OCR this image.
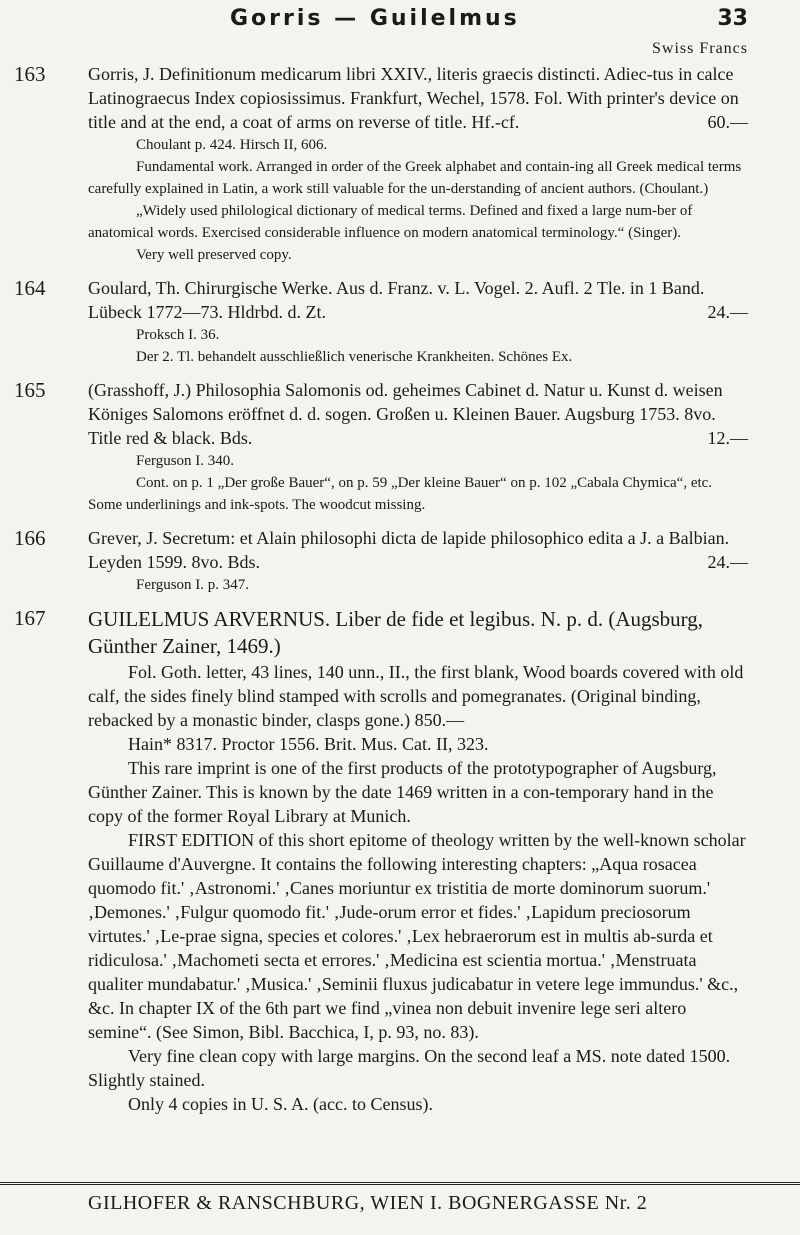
Gorris — Guilelmus	33
Swiss Francs
163 Gorris, J. Definitionum medicarum libri XXIV., literis graecis distincti. Adiec-tus in calce Latinograecus Index copiosissimus. Frankfurt, Wechel, 1578. Fol. With printer's device on title and at the end, a coat of arms on reverse of title. Hf.-cf.	60.—

Choulant p. 424. Hirsch II, 606.

Fundamental work. Arranged in order of the Greek alphabet and contain-ing all Greek medical terms carefully explained in Latin, a work still valuable for the un-derstanding of ancient authors. (Choulant.)

„Widely used philological dictionary of medical terms. Defined and fixed a large num-ber of anatomical words. Exercised considerable influence on modern anatomical terminology.“ (Singer).

Very well preserved copy.

164 Goulard, Th. Chirurgische Werke. Aus d. Franz. v. L. Vogel. 2. Aufl. 2 Tle. in 1 Band. Lübeck 1772—73. Hldrbd. d. Zt.	24.—

Proksch I. 36.

Der 2. Tl. behandelt ausschließlich venerische Krankheiten. Schönes Ex.

165 (Grasshoff, J.) Philosophia Salomonis od. geheimes Cabinet d. Natur u. Kunst d. weisen Königes Salomons eröffnet d. d. sogen. Großen u. Kleinen Bauer. Augsburg 1753. 8vo. Title red & black. Bds.	12.—

Ferguson I. 340.

Cont. on p. 1 „Der große Bauer“, on p. 59 „Der kleine Bauer“ on p. 102 „Cabala Chymica“, etc. Some underlinings and ink-spots. The woodcut missing.

166 Grever, J. Secretum: et Alain philosophi dicta de lapide philosophico edita a J. a Balbian. Leyden 1599. 8vo. Bds.	24.—

Ferguson I. p. 347.

167 GUILELMUS ARVERNUS. Liber de fide et legibus. N. p. d. (Augsburg, Günther Zainer, 1469.)

Fol. Goth. letter, 43 lines, 140 unn., II., the first blank, Wood boards covered with old calf, the sides finely blind stamped with scrolls and pomegranates. (Original binding, rebacked by a monastic binder, clasps gone.) 850.—

Hain* 8317. Proctor 1556. Brit. Mus. Cat. II, 323.

This rare imprint is one of the first products of the prototypographer of Augsburg, Günther Zainer. This is known by the date 1469 written in a con-temporary hand in the copy of the former Royal Library at Munich.

FIRST EDITION of this short epitome of theology written by the well-known scholar Guillaume d'Auvergne. It contains the following interesting chapters: „Aqua rosacea quomodo fit.' ‚Astronomi.' ‚Canes moriuntur ex tristitia de morte dominorum suorum.' ‚Demones.' ‚Fulgur quomodo fit.' ‚Jude-orum error et fides.' ‚Lapidum preciosorum virtutes.' ‚Le-prae signa, species et colores.' ‚Lex hebraerorum est in multis ab-surda et ridiculosa.' ‚Machometi secta et errores.' ‚Medicina est scientia mortua.' ‚Menstruata qualiter mundabatur.' ‚Musica.' ‚Seminii fluxus judicabatur in vetere lege immundus.' &c., &c. In chapter IX of the 6th part we find „vinea non debuit invenire lege seri altero semine“. (See Simon, Bibl. Bacchica, I, p. 93, no. 83).

Very fine clean copy with large margins. On the second leaf a MS. note dated 1500. Slightly stained.

Only 4 copies in U. S. A. (acc. to Census).

GILHOFER & RANSCHBURG, WIEN I. BOGNERGASSE Nr. 2
